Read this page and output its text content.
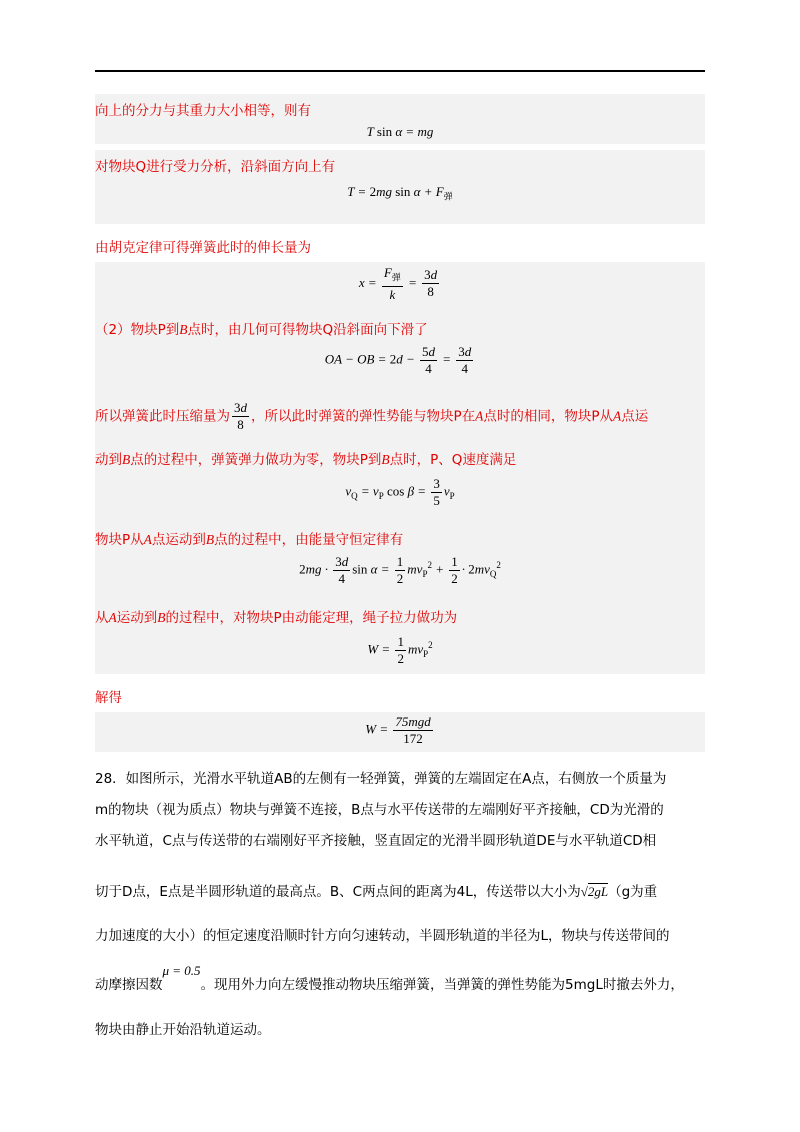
向上的分力与其重力大小相等，则有
T sin α = mg
对物块Q进行受力分析，沿斜面方向上有
T = 2mg $\sin \alpha + F_弹$
由胡克定律可得弹簧此时的伸长量为
$x = \frac{F_弹}{k} = \frac{3d}{8}$
（2）物块P到B点时，由几何可得物块Q沿斜面向下滑了
OA − OB = $2d - \frac{5d}{4} = \frac{3d}{4}$
所以弹簧此时压缩量为 $\frac{3d}{8}$ ，所以此时弹簧的弹性势能与物块P在A点时的相同，物块P从A点运
动到B点的过程中，弹簧弹力做功为零，物块P到B点时，P、Q速度满足
$v_Q = v_P$ $\cos \beta = \frac{3}{5} v_P$
物块P从A点运动到B点的过程中，由能量守恒定律有
$2mg \cdot \frac{3d}{4}$ $\sin \alpha = \frac{1}{2} mv_P^2 + \frac{1}{2} \cdot 2mv_Q^2$
从A运动到B的过程中，对物块P由动能定理，绳子拉力做功为
$W = \frac{1}{2} mv_P^2$
解得
$W = \frac{\text{75mgd}}{172}$
28．如图所示，光滑水平轨道AB的左侧有一轻弹簧，弹簧的左端固定在A点，右侧放一个质量为
m的物块（视为质点）物块与弹簧不连接，B点与水平传送带的左端刚好平齐接触，CD为光滑的
水平轨道，C点与传送带的右端刚好平齐接触，竖直固定的光滑半圆形轨道DE与水平轨道CD相
切于D点，E点是半圆形轨道的最高点。B、C两点间的距离为4L，传送带以大小为√2gL（g为重
力加速度的大小）的恒定速度沿顺时针方向匀速转动，半圆形轨道的半径为L，物块与传送带间的
动摩擦因数μ = 0.5。现用外力向左缓慢推动物块压缩弹簧，当弹簧的弹性势能为5mgL时撤去外力，
物块由静止开始沿轨道运动。
